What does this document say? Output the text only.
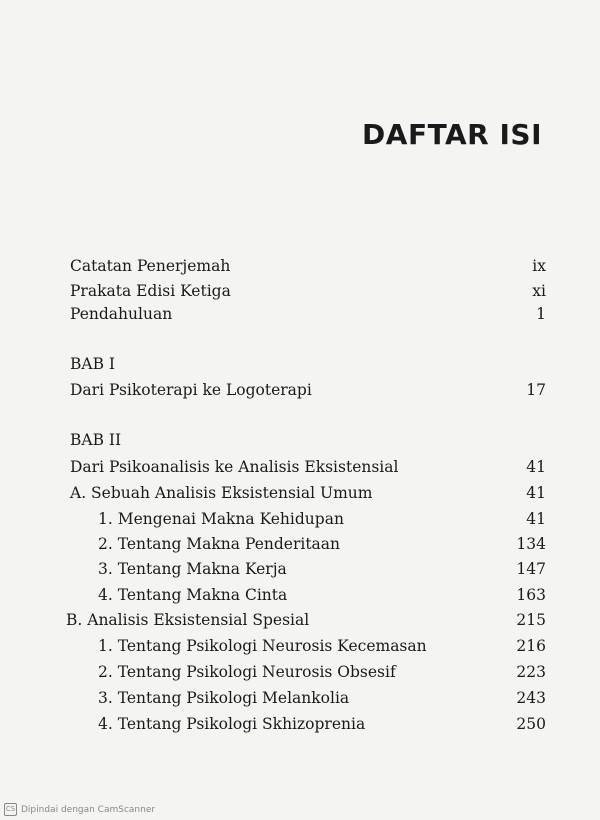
DAFTAR ISI
Catatan Penerjemah	ix
Prakata Edisi Ketiga	xi
Pendahuluan	1
BAB I
Dari Psikoterapi ke Logoterapi	17
BAB II
Dari Psikoanalisis ke Analisis Eksistensial	41
A. Sebuah Analisis Eksistensial Umum	41
1. Mengenai Makna Kehidupan	41
2. Tentang Makna Penderitaan	134
3. Tentang Makna Kerja	147
4. Tentang Makna Cinta	163
B. Analisis Eksistensial Spesial	215
1. Tentang Psikologi Neurosis Kecemasan	216
2. Tentang Psikologi Neurosis Obsesif	223
3. Tentang Psikologi Melankolia	243
4. Tentang Psikologi Skhizoprenia	250
CS Dipindai dengan CamScanner
